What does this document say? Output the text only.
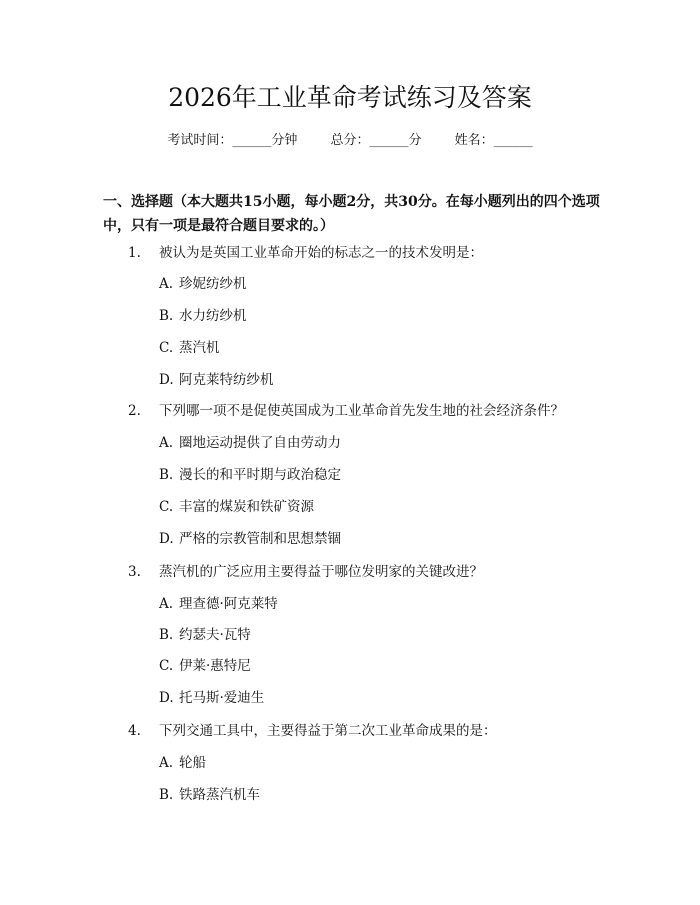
2026年工业革命考试练习及答案
考试时间：______分钟	总分：______分	姓名：______
一、选择题（本大题共15小题，每小题2分，共30分。在每小题列出的四个选项中，只有一项是最符合题目要求的。）
1. 被认为是英国工业革命开始的标志之一的技术发明是：
A. 珍妮纺纱机
B. 水力纺纱机
C. 蒸汽机
D. 阿克莱特纺纱机
2. 下列哪一项不是促使英国成为工业革命首先发生地的社会经济条件？
A. 圈地运动提供了自由劳动力
B. 漫长的和平时期与政治稳定
C. 丰富的煤炭和铁矿资源
D. 严格的宗教管制和思想禁锢
3. 蒸汽机的广泛应用主要得益于哪位发明家的关键改进？
A. 理查德·阿克莱特
B. 约瑟夫·瓦特
C. 伊莱·惠特尼
D. 托马斯·爱迪生
4. 下列交通工具中，主要得益于第二次工业革命成果的是：
A. 轮船
B. 铁路蒸汽机车
